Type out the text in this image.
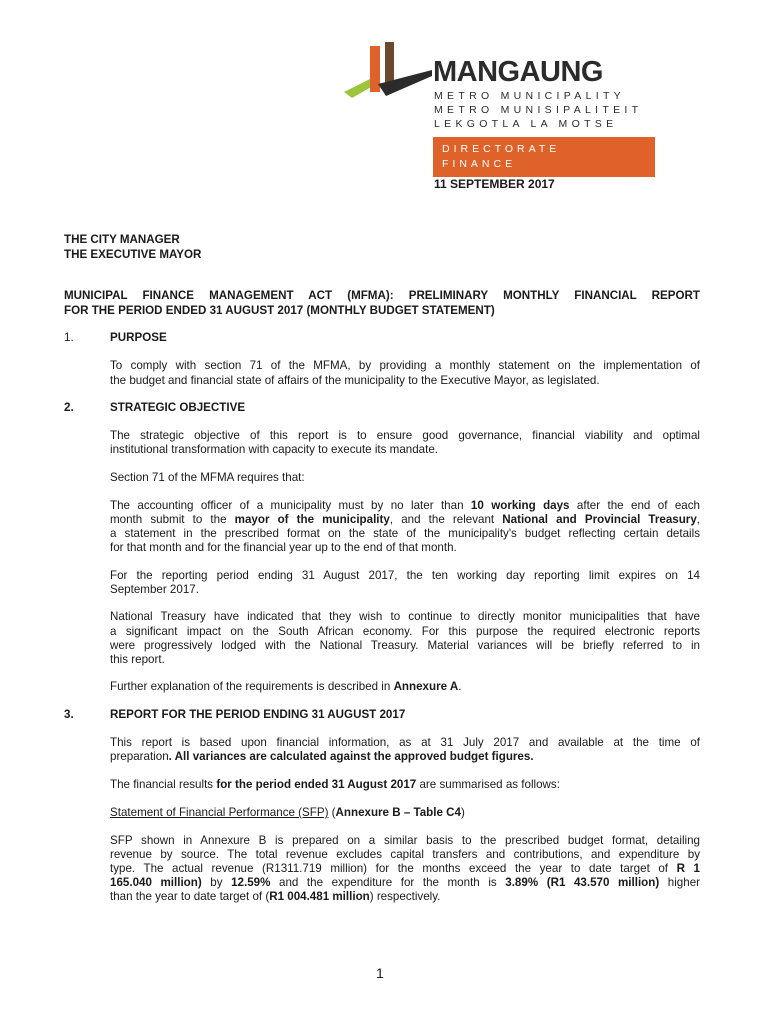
MANGAUNG
METRO MUNICIPALITY
METRO MUNISIPALITEIT
LEKGOTLA LA MOTSE
DIRECTORATE
FINANCE
11 SEPTEMBER 2017
THE CITY MANAGER
THE EXECUTIVE MAYOR
MUNICIPAL FINANCE MANAGEMENT ACT (MFMA): PRELIMINARY MONTHLY FINANCIAL REPORT
FOR THE PERIOD ENDED 31 AUGUST 2017 (MONTHLY BUDGET STATEMENT)
1.	PURPOSE
To comply with section 71 of the MFMA, by providing a monthly statement on the implementation of
the budget and financial state of affairs of the municipality to the Executive Mayor, as legislated.
2.	STRATEGIC OBJECTIVE
The strategic objective of this report is to ensure good governance, financial viability and optimal
institutional transformation with capacity to execute its mandate.
Section 71 of the MFMA requires that:
The accounting officer of a municipality must by no later than 10 working days after the end of each
month submit to the mayor of the municipality, and the relevant National and Provincial Treasury,
a statement in the prescribed format on the state of the municipality's budget reflecting certain details
for that month and for the financial year up to the end of that month.
For the reporting period ending 31 August 2017, the ten working day reporting limit expires on 14
September 2017.
National Treasury have indicated that they wish to continue to directly monitor municipalities that have
a significant impact on the South African economy. For this purpose the required electronic reports
were progressively lodged with the National Treasury. Material variances will be briefly referred to in
this report.
Further explanation of the requirements is described in Annexure A.
3.	REPORT FOR THE PERIOD ENDING 31 AUGUST 2017
This report is based upon financial information, as at 31 July 2017 and available at the time of
preparation. All variances are calculated against the approved budget figures.
The financial results for the period ended 31 August 2017 are summarised as follows:
Statement of Financial Performance (SFP) (Annexure B – Table C4)
SFP shown in Annexure B is prepared on a similar basis to the prescribed budget format, detailing
revenue by source. The total revenue excludes capital transfers and contributions, and expenditure by
type. The actual revenue (R1311.719 million) for the months exceed the year to date target of R 1
165.040 million) by 12.59% and the expenditure for the month is 3.89% (R1 43.570 million) higher
than the year to date target of (R1 004.481 million) respectively.
1
